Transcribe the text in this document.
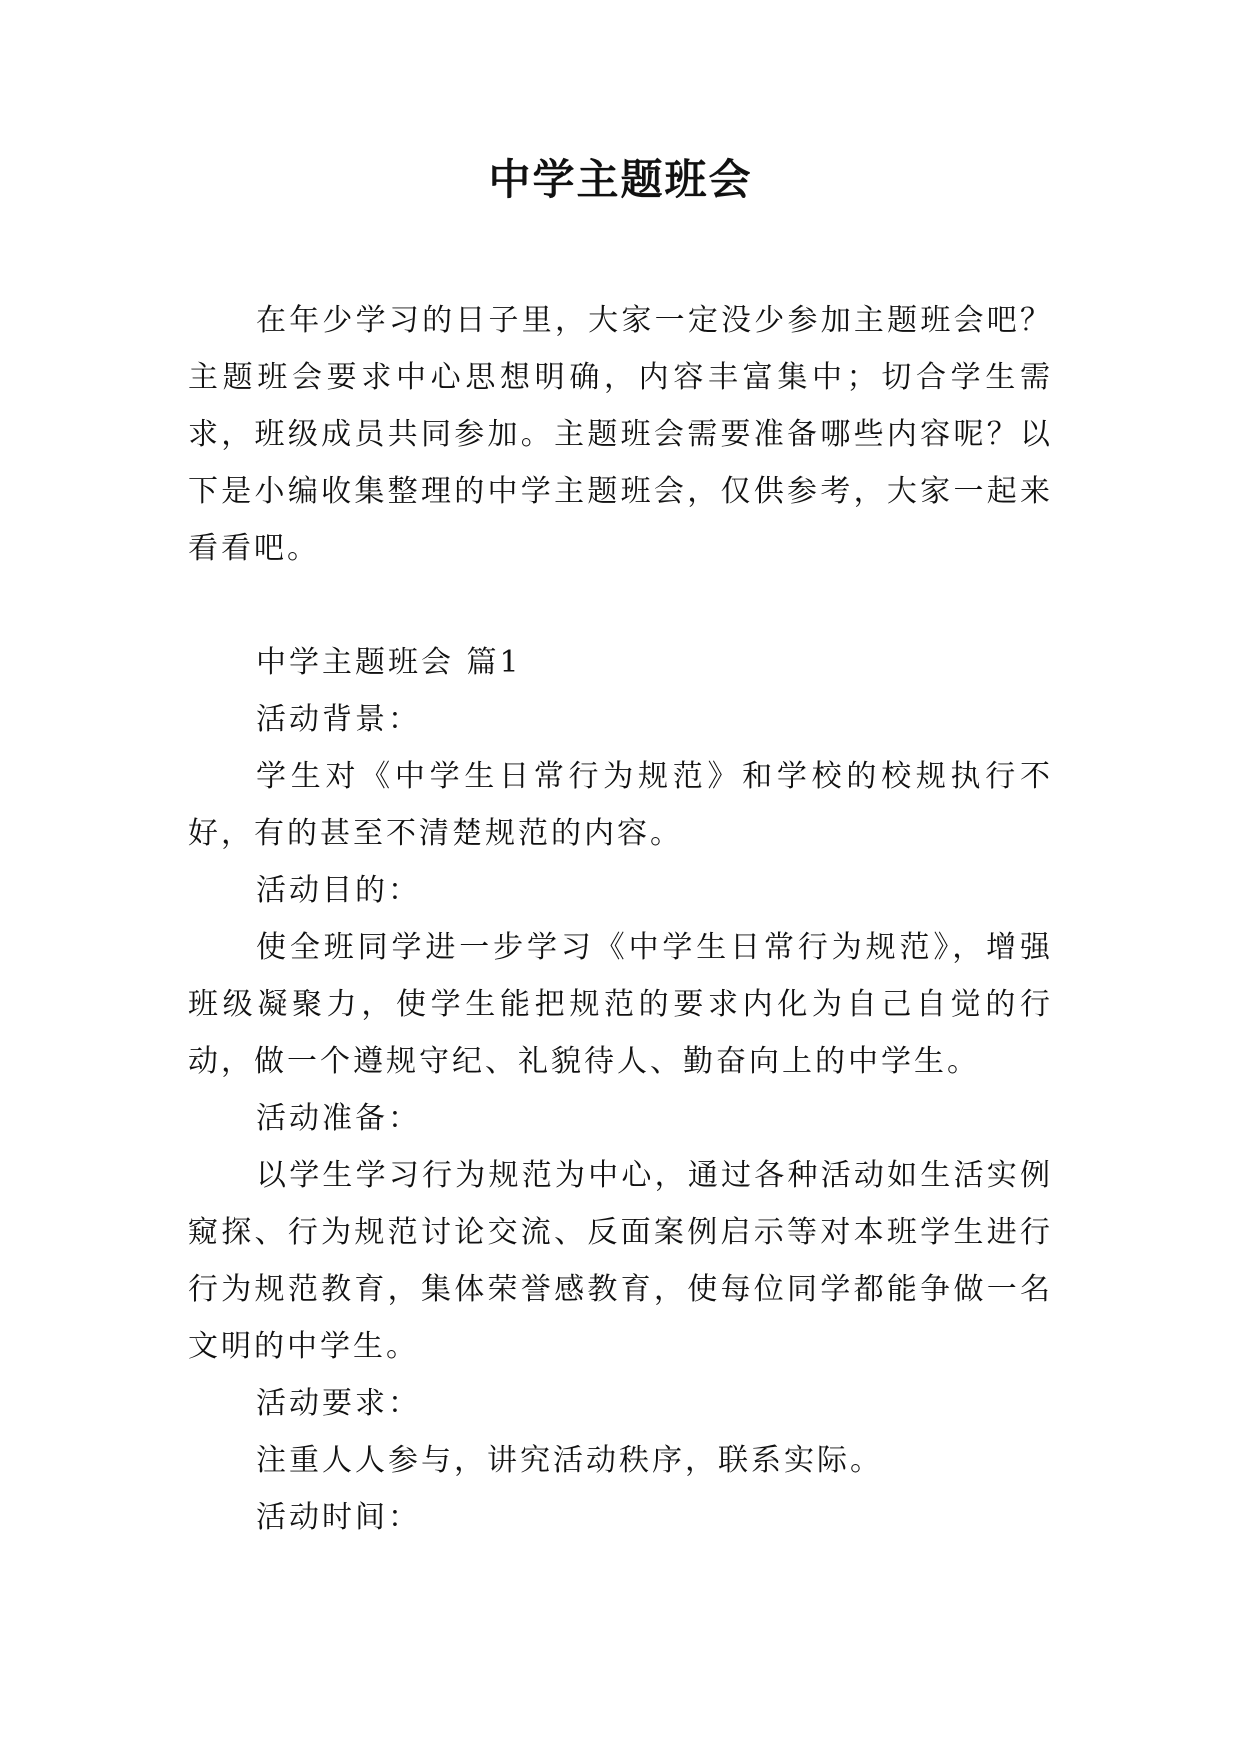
中学主题班会

在年少学习的日子里，大家一定没少参加主题班会吧？主题班会要求中心思想明确，内容丰富集中；切合学生需求，班级成员共同参加。主题班会需要准备哪些内容呢？以下是小编收集整理的中学主题班会，仅供参考，大家一起来看看吧。

中学主题班会 篇1

活动背景：

学生对《中学生日常行为规范》和学校的校规执行不好，有的甚至不清楚规范的内容。

活动目的：

使全班同学进一步学习《中学生日常行为规范》，增强班级凝聚力，使学生能把规范的要求内化为自己自觉的行动，做一个遵规守纪、礼貌待人、勤奋向上的中学生。

活动准备：

以学生学习行为规范为中心，通过各种活动如生活实例窥探、行为规范讨论交流、反面案例启示等对本班学生进行行为规范教育，集体荣誉感教育，使每位同学都能争做一名文明的中学生。

活动要求：

注重人人参与，讲究活动秩序，联系实际。

活动时间：
